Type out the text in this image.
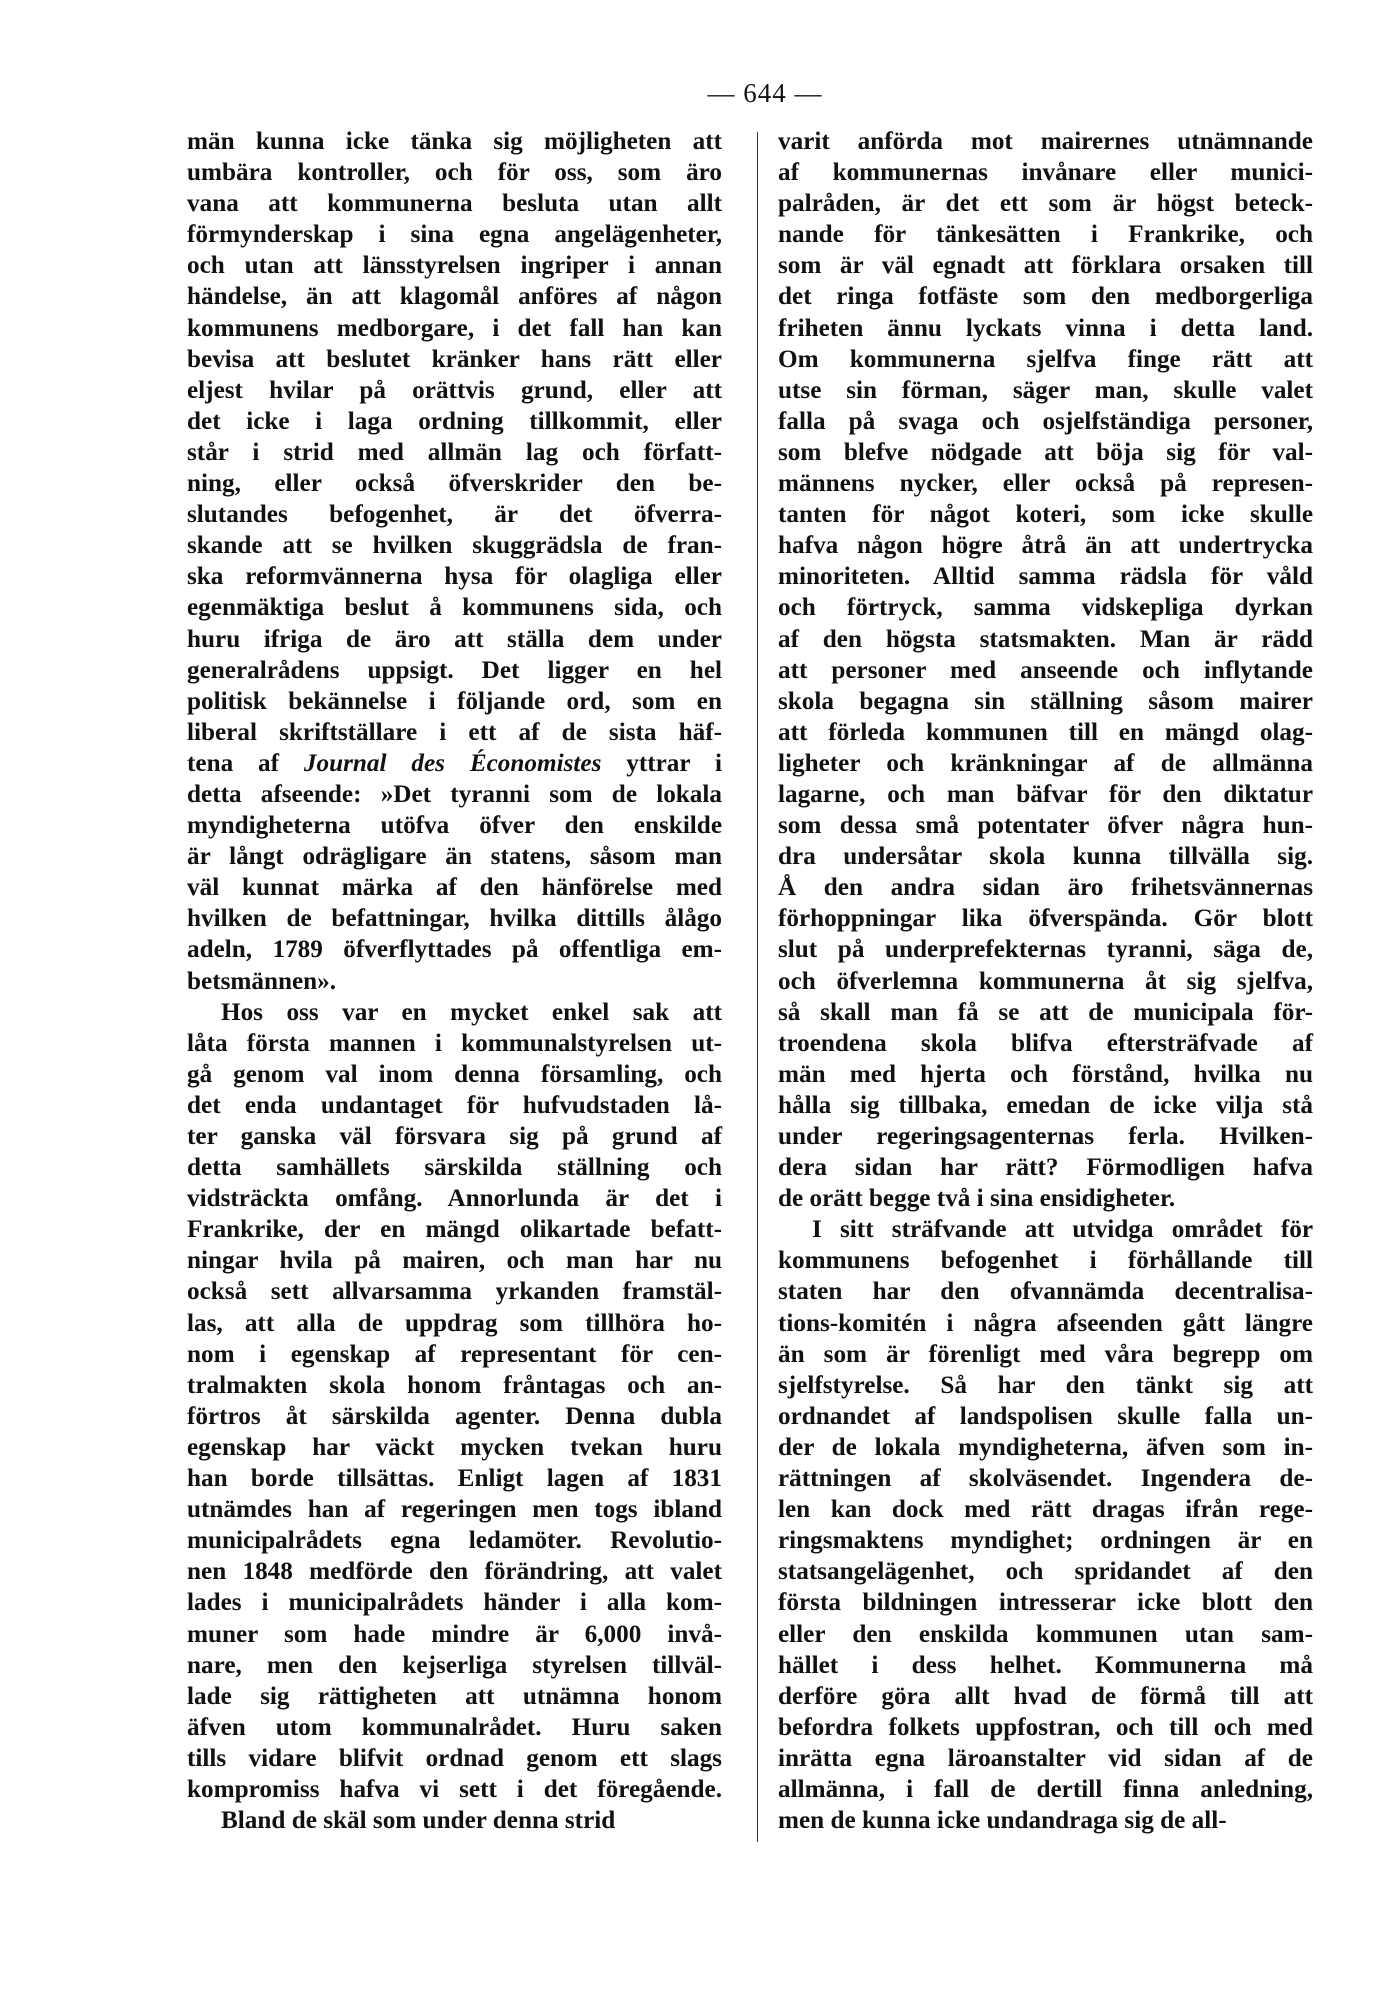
— 644 —
män kunna icke tänka sig möjligheten att
umbära kontroller, och för oss, som äro
vana att kommunerna besluta utan allt
förmynderskap i sina egna angelägenheter,
och utan att länsstyrelsen ingriper i annan
händelse, än att klagomål anföres af någon
kommunens medborgare, i det fall han kan
bevisa att beslutet kränker hans rätt eller
eljest hvilar på orättvis grund, eller att
det icke i laga ordning tillkommit, eller
står i strid med allmän lag och författ-
ning, eller också öfverskrider den be-
slutandes befogenhet, är det öfverra-
skande att se hvilken skuggrädsla de fran-
ska reformvännerna hysa för olagliga eller
egenmäktiga beslut å kommunens sida, och
huru ifriga de äro att ställa dem under
generalrådens uppsigt. Det ligger en hel
politisk bekännelse i följande ord, som en
liberal skriftställare i ett af de sista häf-
tena af Journal des Économistes yttrar i
detta afseende: »Det tyranni som de lokala
myndigheterna utöfva öfver den enskilde
är långt odrägligare än statens, såsom man
väl kunnat märka af den hänförelse med
hvilken de befattningar, hvilka dittills ålågo
adeln, 1789 öfverflyttades på offentliga em-
betsmännen».
Hos oss var en mycket enkel sak att
låta första mannen i kommunalstyrelsen ut-
gå genom val inom denna församling, och
det enda undantaget för hufvudstaden lå-
ter ganska väl försvara sig på grund af
detta samhällets särskilda ställning och
vidsträckta omfång. Annorlunda är det i
Frankrike, der en mängd olikartade befatt-
ningar hvila på mairen, och man har nu
också sett allvarsamma yrkanden framstäl-
las, att alla de uppdrag som tillhöra ho-
nom i egenskap af representant för cen-
tralmakten skola honom fråntagas och an-
förtros åt särskilda agenter. Denna dubla
egenskap har väckt mycken tvekan huru
han borde tillsättas. Enligt lagen af 1831
utnämdes han af regeringen men togs ibland
municipalrådets egna ledamöter. Revolutio-
nen 1848 medförde den förändring, att valet
lades i municipalrådets händer i alla kom-
muner som hade mindre är 6,000 invå-
nare, men den kejserliga styrelsen tillväl-
lade sig rättigheten att utnämna honom
äfven utom kommunalrådet. Huru saken
tills vidare blifvit ordnad genom ett slags
kompromiss hafva vi sett i det föregående.
Bland de skäl som under denna strid
varit anförda mot mairernes utnämnande
af kommunernas invånare eller munici-
palråden, är det ett som är högst beteck-
nande för tänkesätten i Frankrike, och
som är väl egnadt att förklara orsaken till
det ringa fotfäste som den medborgerliga
friheten ännu lyckats vinna i detta land.
Om kommunerna sjelfva finge rätt att
utse sin förman, säger man, skulle valet
falla på svaga och osjelfständiga personer,
som blefve nödgade att böja sig för val-
männens nycker, eller också på represen-
tanten för något koteri, som icke skulle
hafva någon högre åtrå än att undertrycka
minoriteten. Alltid samma rädsla för våld
och förtryck, samma vidskepliga dyrkan
af den högsta statsmakten. Man är rädd
att personer med anseende och inflytande
skola begagna sin ställning såsom mairer
att förleda kommunen till en mängd olag-
ligheter och kränkningar af de allmänna
lagarne, och man bäfvar för den diktatur
som dessa små potentater öfver några hun-
dra undersåtar skola kunna tillvälla sig.
Å den andra sidan äro frihetsvännernas
förhoppningar lika öfverspända. Gör blott
slut på underprefekternas tyranni, säga de,
och öfverlemna kommunerna åt sig sjelfva,
så skall man få se att de municipala för-
troendena skola blifva eftersträfvade af
män med hjerta och förstånd, hvilka nu
hålla sig tillbaka, emedan de icke vilja stå
under regeringsagenternas ferla. Hvilken-
dera sidan har rätt? Förmodligen hafva
de orätt begge två i sina ensidigheter.
I sitt sträfvande att utvidga området för
kommunens befogenhet i förhållande till
staten har den ofvannämda decentralisa-
tions-komitén i några afseenden gått längre
än som är förenligt med våra begrepp om
sjelfstyrelse. Så har den tänkt sig att
ordnandet af landspolisen skulle falla un-
der de lokala myndigheterna, äfven som in-
rättningen af skolväsendet. Ingendera de-
len kan dock med rätt dragas ifrån rege-
ringsmaktens myndighet; ordningen är en
statsangelägenhet, och spridandet af den
första bildningen intresserar icke blott den
eller den enskilda kommunen utan sam-
hället i dess helhet. Kommunerna må
derföre göra allt hvad de förmå till att
befordra folkets uppfostran, och till och med
inrätta egna läroanstalter vid sidan af de
allmänna, i fall de dertill finna anledning,
men de kunna icke undandraga sig de all-
